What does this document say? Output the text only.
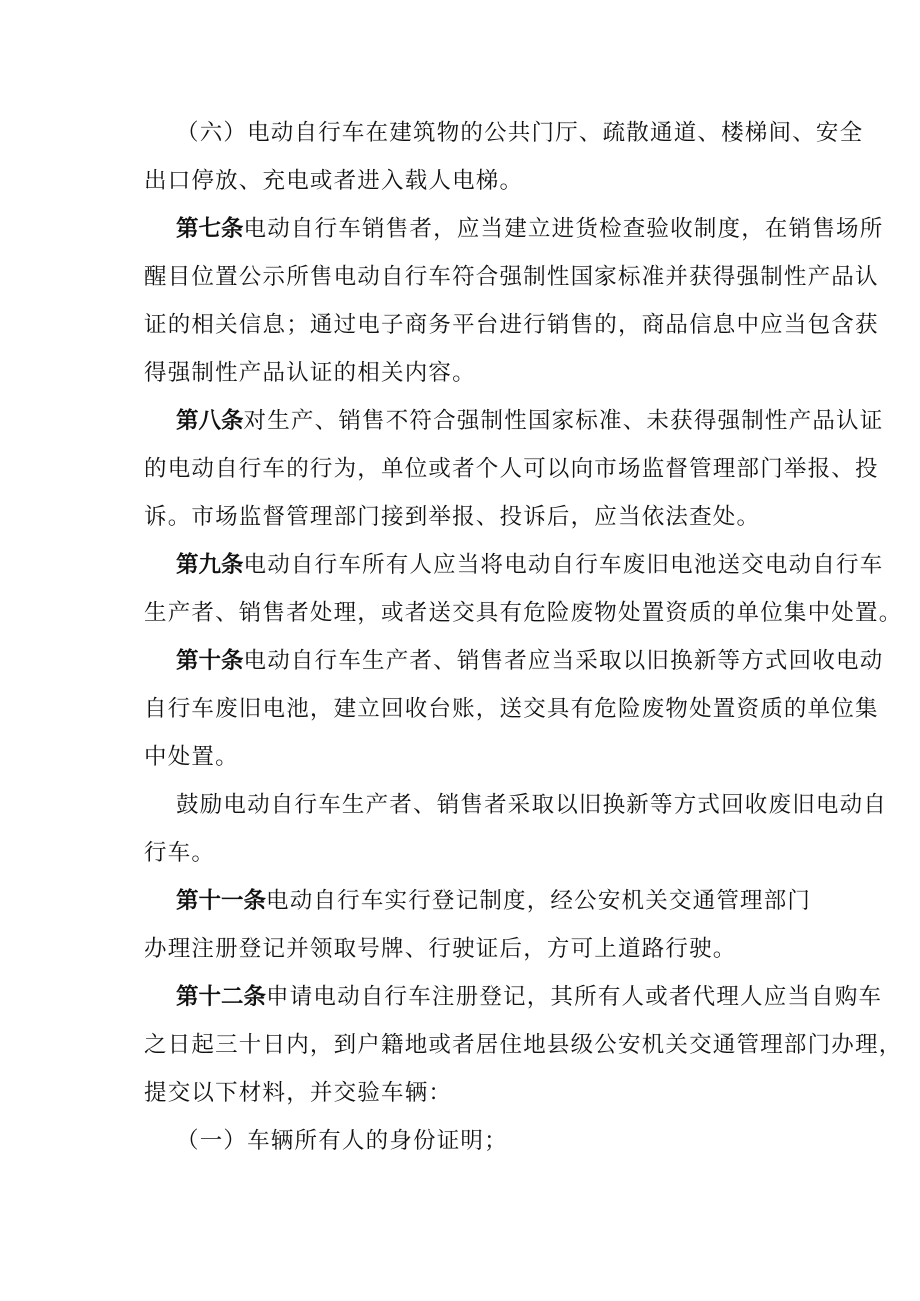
（六）电动自行车在建筑物的公共门厅、疏散通道、楼梯间、安全
出口停放、充电或者进入载人电梯。
第七条电动自行车销售者，应当建立进货检查验收制度，在销售场所
醒目位置公示所售电动自行车符合强制性国家标准并获得强制性产品认
证的相关信息；通过电子商务平台进行销售的，商品信息中应当包含获
得强制性产品认证的相关内容。
第八条对生产、销售不符合强制性国家标准、未获得强制性产品认证
的电动自行车的行为，单位或者个人可以向市场监督管理部门举报、投
诉。市场监督管理部门接到举报、投诉后，应当依法查处。
第九条电动自行车所有人应当将电动自行车废旧电池送交电动自行车
生产者、销售者处理，或者送交具有危险废物处置资质的单位集中处置。
第十条电动自行车生产者、销售者应当采取以旧换新等方式回收电动
自行车废旧电池，建立回收台账，送交具有危险废物处置资质的单位集
中处置。
鼓励电动自行车生产者、销售者采取以旧换新等方式回收废旧电动自
行车。
第十一条电动自行车实行登记制度，经公安机关交通管理部门
办理注册登记并领取号牌、行驶证后，方可上道路行驶。
第十二条申请电动自行车注册登记，其所有人或者代理人应当自购车
之日起三十日内，到户籍地或者居住地县级公安机关交通管理部门办理，
提交以下材料，并交验车辆：
（一）车辆所有人的身份证明；
